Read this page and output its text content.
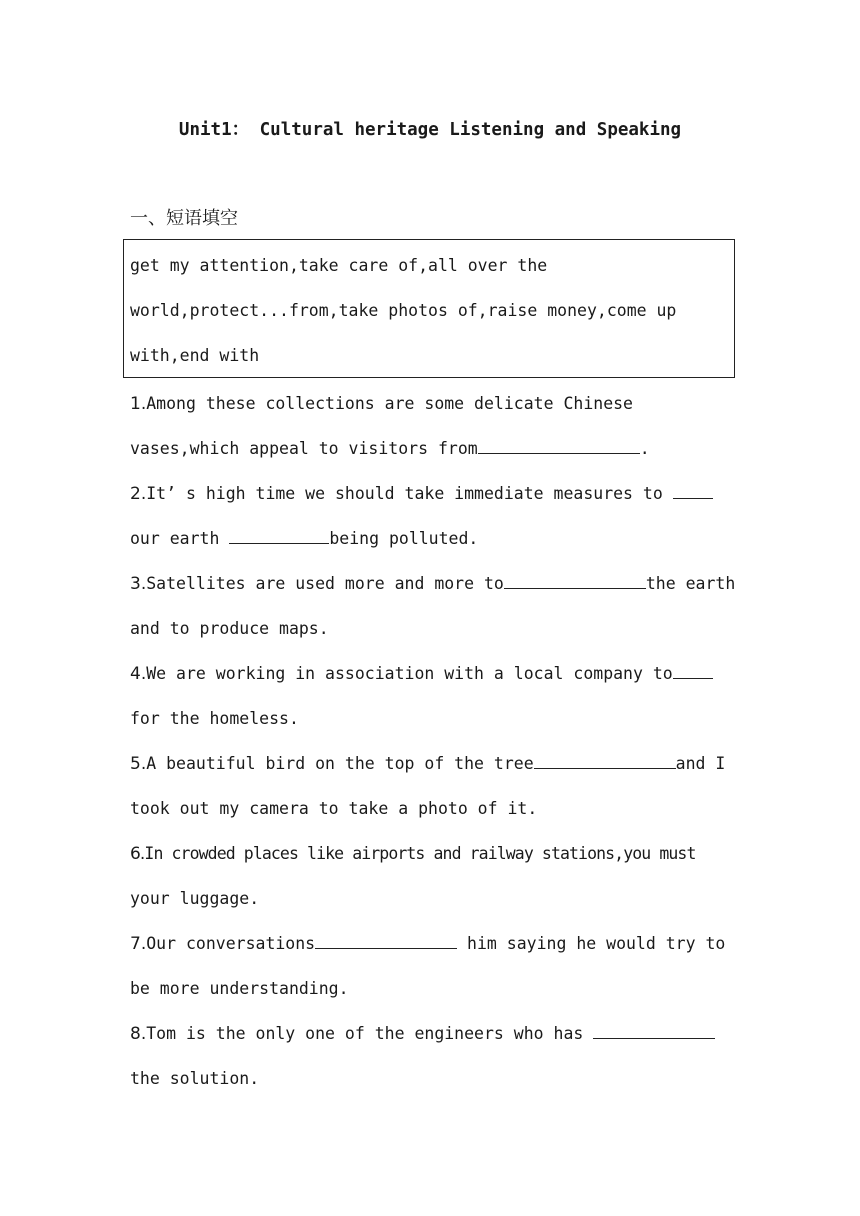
Unit1： Cultural heritage Listening and Speaking
一、短语填空
get my attention,take care of,all over the
world,protect...from,take photos of,raise money,come up
with,end with
1.Among these collections are some delicate Chinese
vases,which appeal to visitors from	.
2.It’ s high time we should take immediate measures to
our earth	being polluted.
3.Satellites are used more and more to	the earth
and to produce maps.
4.We are working in association with a local company to
for the homeless.
5.A beautiful bird on the top of the tree	and I
took out my camera to take a photo of it.
6.In crowded places like airports and railway stations,you must
your luggage.
7.Our conversations	him saying he would try to
be more understanding.
8.Tom is the only one of the engineers who has
the solution.
